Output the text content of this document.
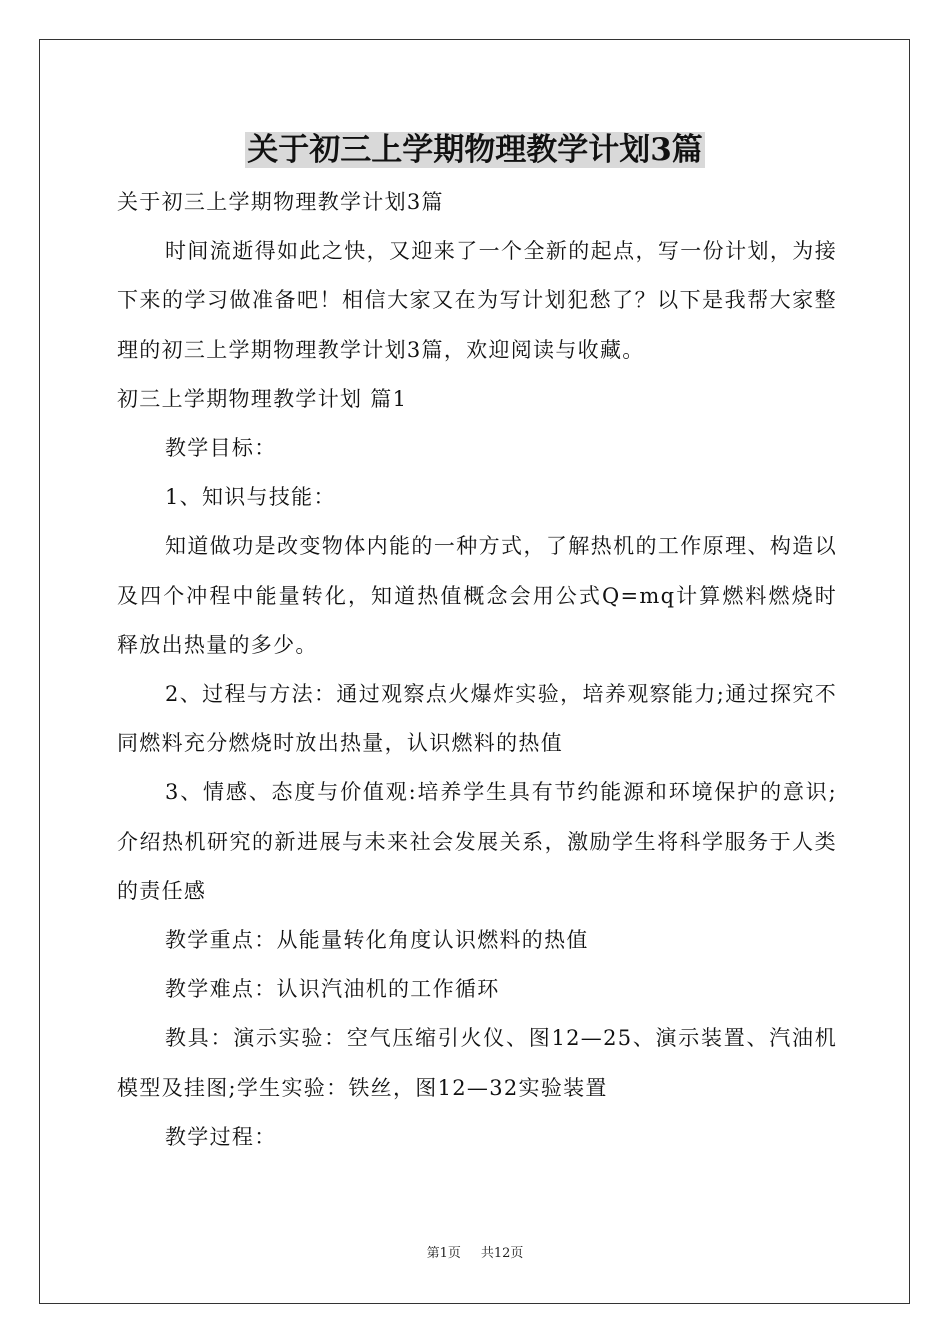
关于初三上学期物理教学计划3篇

关于初三上学期物理教学计划3篇

时间流逝得如此之快，又迎来了一个全新的起点，写一份计划，为接下来的学习做准备吧！相信大家又在为写计划犯愁了？以下是我帮大家整理的初三上学期物理教学计划3篇，欢迎阅读与收藏。

初三上学期物理教学计划 篇1

教学目标：

1、知识与技能：

知道做功是改变物体内能的一种方式，了解热机的工作原理、构造以及四个冲程中能量转化，知道热值概念会用公式Q=mq计算燃料燃烧时释放出热量的多少。

2、过程与方法：通过观察点火爆炸实验，培养观察能力;通过探究不同燃料充分燃烧时放出热量，认识燃料的热值

3、情感、态度与价值观:培养学生具有节约能源和环境保护的意识;介绍热机研究的新进展与未来社会发展关系，激励学生将科学服务于人类的责任感

教学重点：从能量转化角度认识燃料的热值

教学难点：认识汽油机的工作循环

教具：演示实验：空气压缩引火仪、图12—25、演示装置、汽油机模型及挂图;学生实验：铁丝，图12—32实验装置

教学过程：

第1页 共12页
